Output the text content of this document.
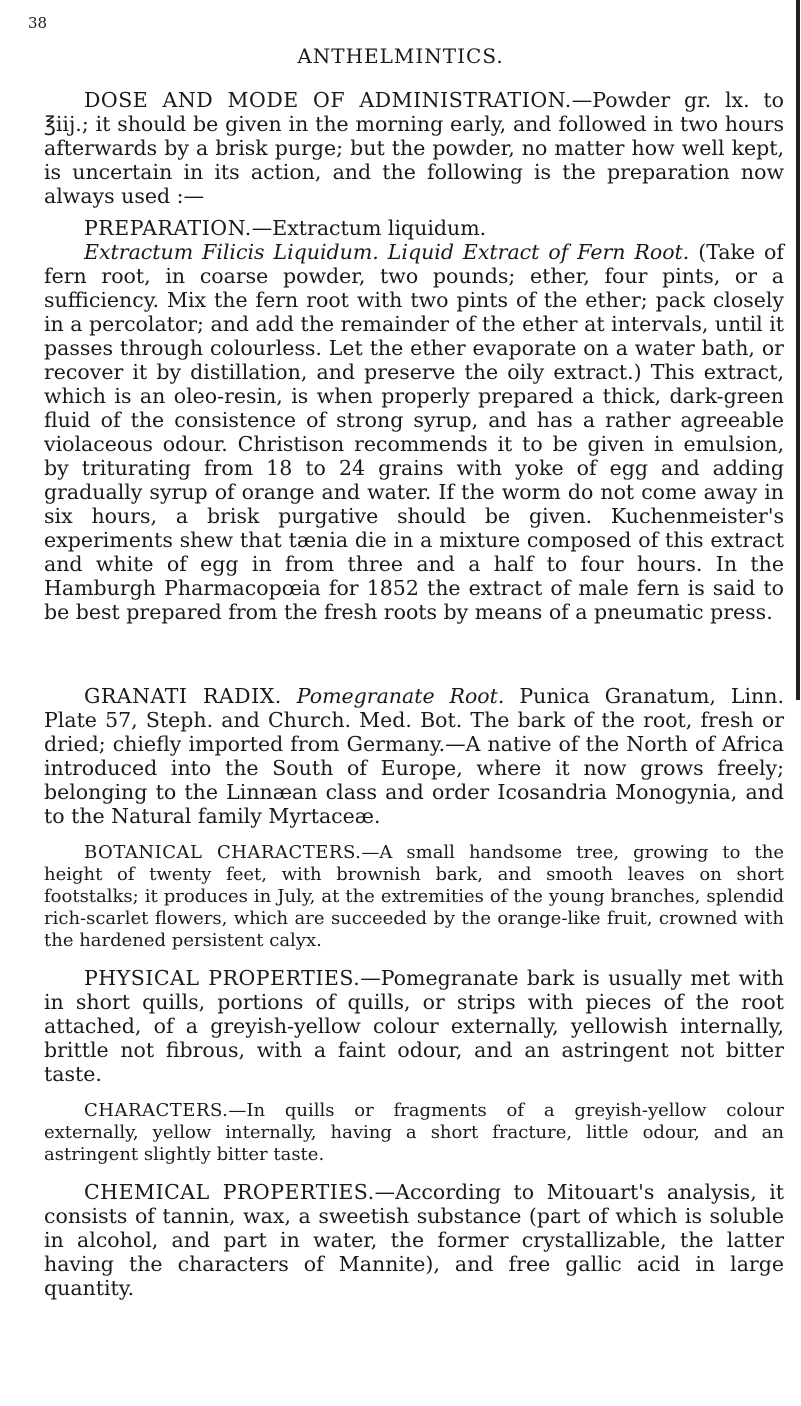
38
ANTHELMINTICS.

DOSE AND MODE OF ADMINISTRATION.—Powder gr. lx. to ℥iij.; it should be given in the morning early, and followed in two hours afterwards by a brisk purge; but the powder, no matter how well kept, is uncertain in its action, and the following is the preparation now always used :—

PREPARATION.—Extractum liquidum.

Extractum Filicis Liquidum. Liquid Extract of Fern Root. (Take of fern root, in coarse powder, two pounds; ether, four pints, or a sufficiency. Mix the fern root with two pints of the ether; pack closely in a percolator; and add the remainder of the ether at intervals, until it passes through colourless. Let the ether evaporate on a water bath, or recover it by distillation, and preserve the oily extract.) This extract, which is an oleo-resin, is when properly prepared a thick, dark-green fluid of the consistence of strong syrup, and has a rather agreeable violaceous odour. Christison recommends it to be given in emulsion, by triturating from 18 to 24 grains with yoke of egg and adding gradually syrup of orange and water. If the worm do not come away in six hours, a brisk purgative should be given. Kuchenmeister's experiments shew that tænia die in a mixture composed of this extract and white of egg in from three and a half to four hours. In the Hamburgh Pharmacopœia for 1852 the extract of male fern is said to be best prepared from the fresh roots by means of a pneumatic press.

GRANATI RADIX. Pomegranate Root. Punica Granatum, Linn. Plate 57, Steph. and Church. Med. Bot. The bark of the root, fresh or dried; chiefly imported from Germany.—A native of the North of Africa introduced into the South of Europe, where it now grows freely; belonging to the Linnæan class and order Icosandria Monogynia, and to the Natural family Myrtaceæ.

BOTANICAL CHARACTERS.—A small handsome tree, growing to the height of twenty feet, with brownish bark, and smooth leaves on short footstalks; it produces in July, at the extremities of the young branches, splendid rich-scarlet flowers, which are succeeded by the orange-like fruit, crowned with the hardened persistent calyx.

PHYSICAL PROPERTIES.—Pomegranate bark is usually met with in short quills, portions of quills, or strips with pieces of the root attached, of a greyish-yellow colour externally, yellowish internally, brittle not fibrous, with a faint odour, and an astringent not bitter taste.

CHARACTERS.—In quills or fragments of a greyish-yellow colour externally, yellow internally, having a short fracture, little odour, and an astringent slightly bitter taste.

CHEMICAL PROPERTIES.—According to Mitouart's analysis, it consists of tannin, wax, a sweetish substance (part of which is soluble in alcohol, and part in water, the former crystallizable, the latter having the characters of Mannite), and free gallic acid in large quantity.
